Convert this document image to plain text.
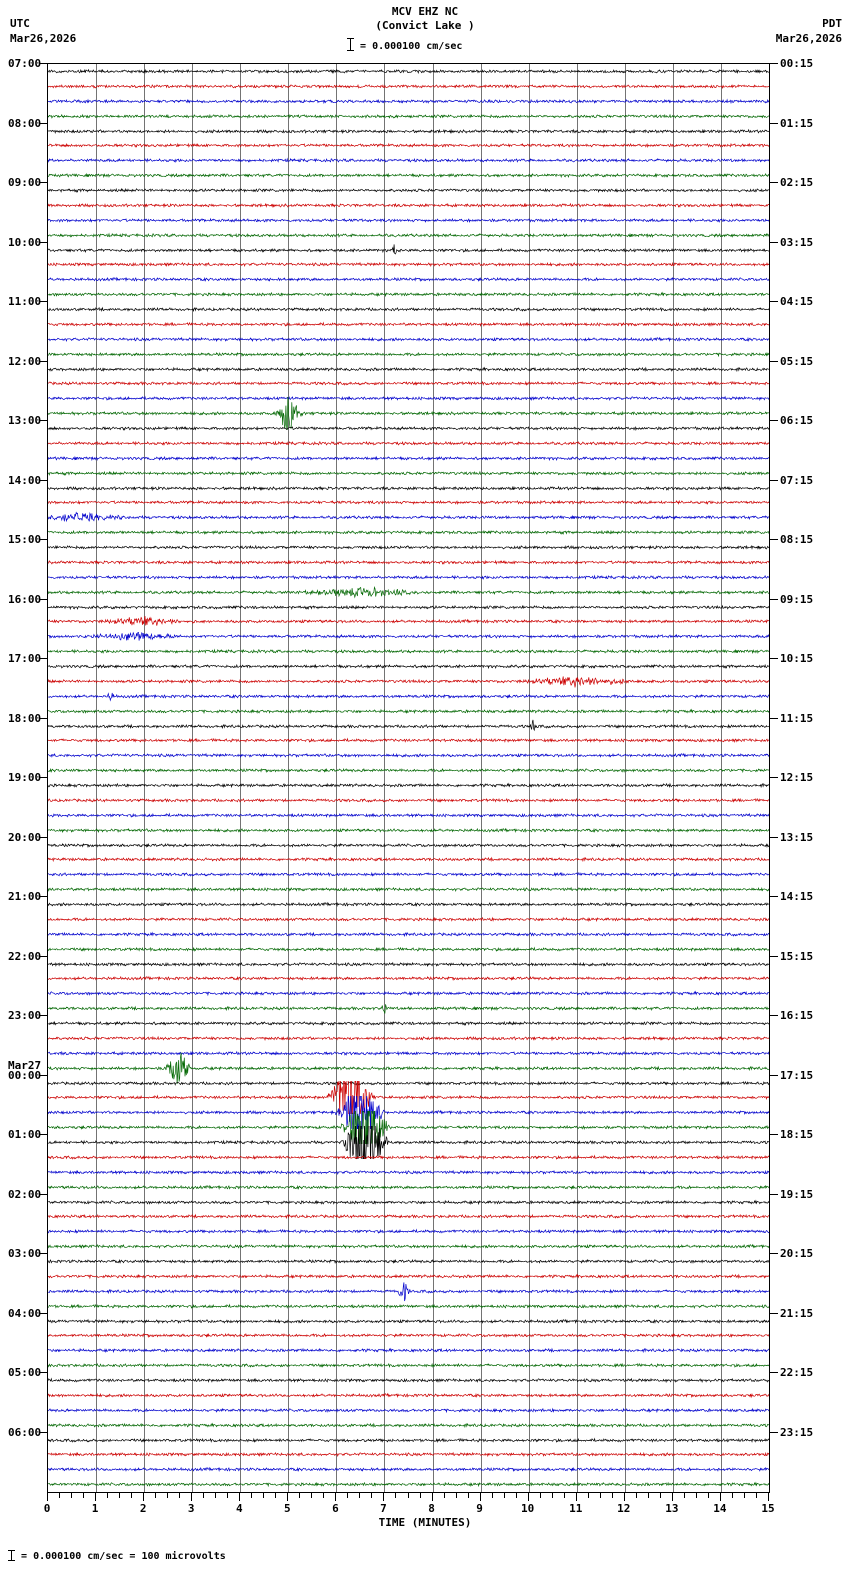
UTC
Mar26,2026
MCV EHZ NC
(Convict Lake )	PDT
Mar26,2026
= 0.000100 cm/sec
0	1	2	3	4	5	6	7	8	9	10	11	12	13	14	15
TIME (MINUTES)
= 0.000100 cm/sec = 100 microvolts
00:15
01:15
02:15
03:15
04:15
05:15
06:15
07:15
08:15
09:15
10:15
11:15
12:15
13:15
14:15
15:15
16:15
17:15
18:15
19:15
20:15
21:15
22:15
23:15
07:00
08:00
09:00
10:00
11:00
12:00
13:00
14:00
15:00
16:00
17:00
18:00
19:00
20:00
21:00
22:00
23:00
Mar27
00:00
01:00
02:00
03:00
04:00
05:00
06:00
